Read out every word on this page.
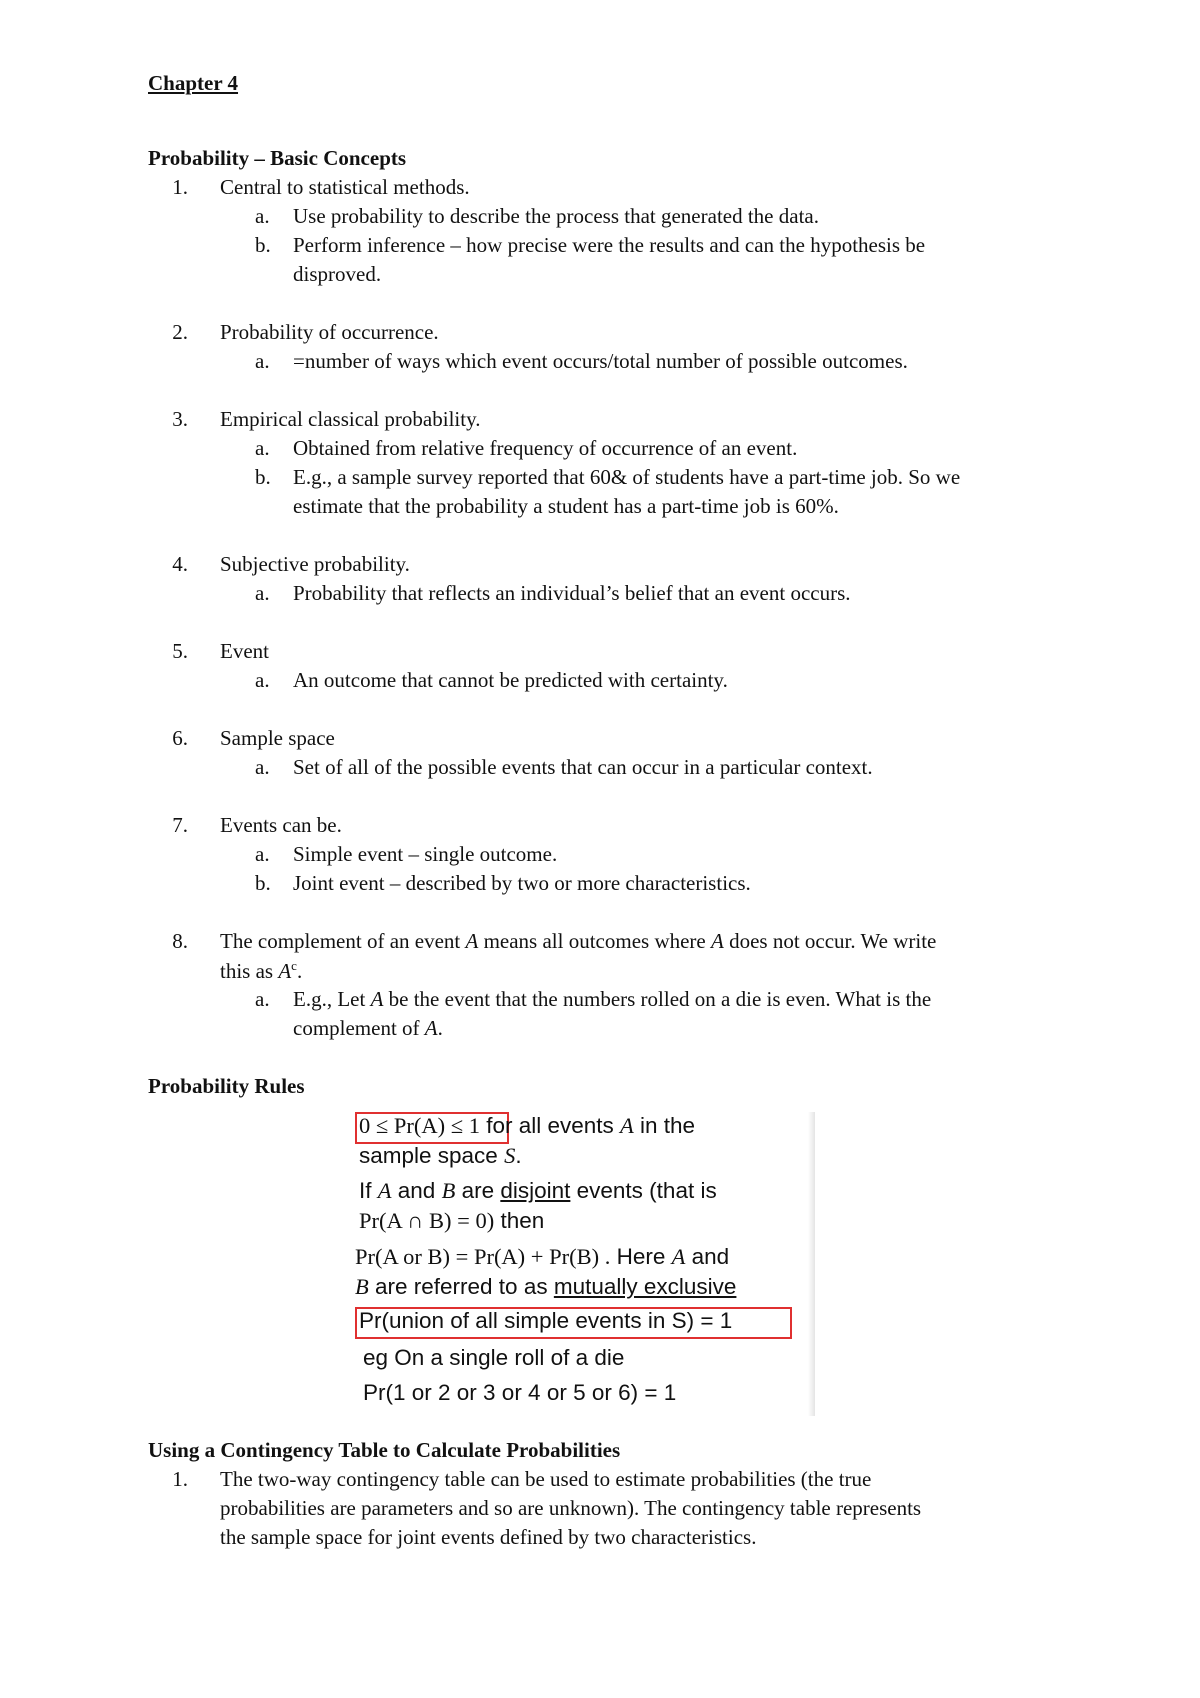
Chapter 4
Probability – Basic Concepts
1. Central to statistical methods.
a.	Use probability to describe the process that generated the data.
b.	Perform inference – how precise were the results and can the hypothesis be
disproved.
2. Probability of occurrence.
a.	=number of ways which event occurs/total number of possible outcomes.
3. Empirical classical probability.
a.	Obtained from relative frequency of occurrence of an event.
b.	E.g., a sample survey reported that 60& of students have a part-time job. So we
estimate that the probability a student has a part-time job is 60%.
4. Subjective probability.
a.	Probability that reflects an individual’s belief that an event occurs.
5. Event
a.	An outcome that cannot be predicted with certainty.
6. Sample space
a.	Set of all of the possible events that can occur in a particular context.
7. Events can be.
a.	Simple event – single outcome.
b.	Joint event – described by two or more characteristics.
8. The complement of an event A means all outcomes where A does not occur. We write
this as $A^c$.
a.	E.g., Let A be the event that the numbers rolled on a die is even. What is the
complement of A.
Probability Rules
0 ≤ Pr(A) ≤ 1 for all events A in the
sample space S.
If A and B are disjoint events (that is
Pr(A ∩ B) = 0) then
Pr(A or B) = Pr(A) + Pr(B) . Here A and
B are referred to as mutually exclusive
Pr(union of all simple events in S) = 1
eg On a single roll of a die
Pr(1 or 2 or 3 or 4 or 5 or 6) = 1
Using a Contingency Table to Calculate Probabilities
1. The two-way contingency table can be used to estimate probabilities (the true
probabilities are parameters and so are unknown). The contingency table represents
the sample space for joint events defined by two characteristics.
